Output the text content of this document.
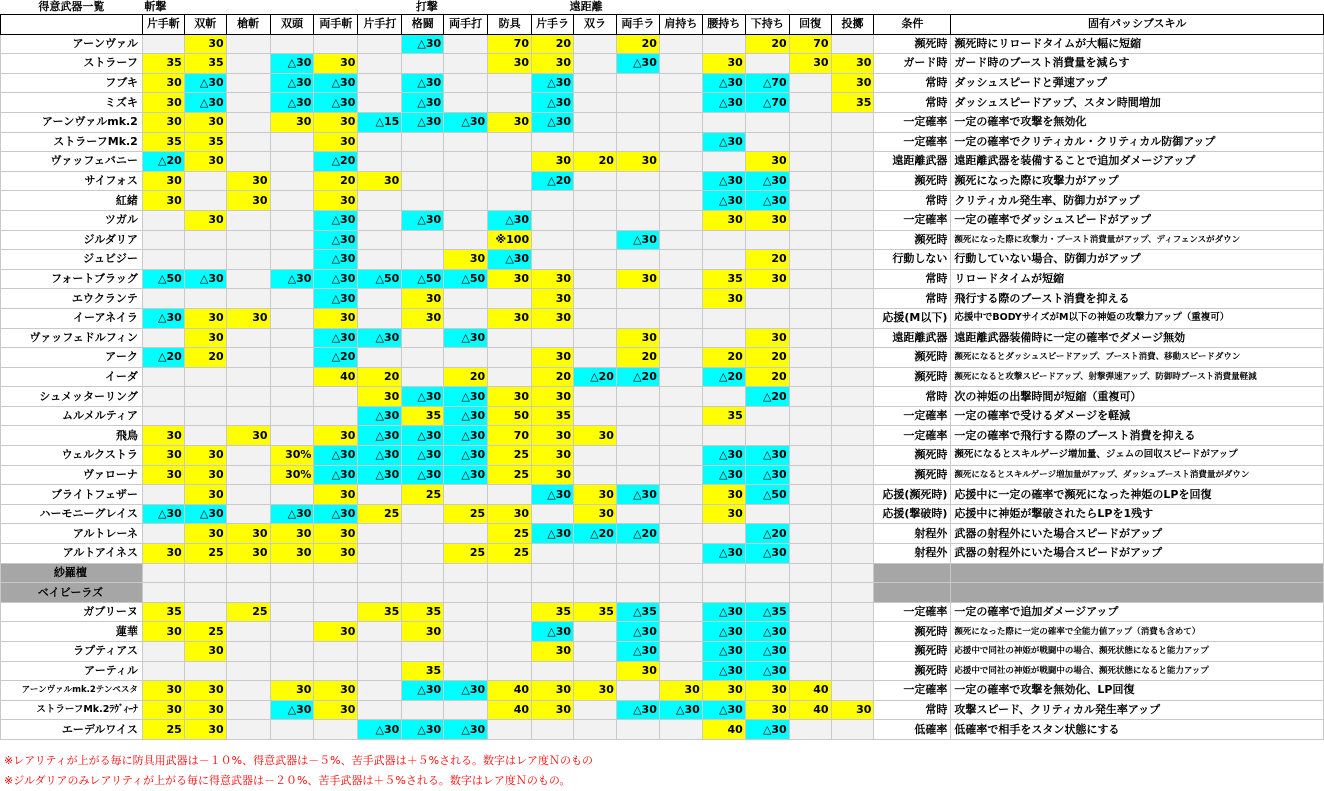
得意武器一覧	斬撃						打撃			遠距離									
	片手斬	双斬	槍斬	双頭	両手斬	片手打	格闘	両手打	防具	片手ラ	双ラ	両手ラ	肩持ち	腰持ち	下持ち	回復	投擲	条件	固有パッシブスキル
アーンヴァル		30					△30		70	20		20			20	70		瀕死時	瀕死時にリロードタイムが大幅に短縮
ストラーフ	35	35		△30	30				30	30		△30		30		30	30	ガード時	ガード時のブースト消費量を減らす
フブキ	30	△30		△30	△30		△30			△30				△30	△70		30	常時	ダッシュスピードと弾速アップ
ミズキ	30	△30		△30	△30		△30			△30				△30	△70		35	常時	ダッシュスピードアップ、スタン時間増加
アーンヴァルmk.2	30	30		30	30	△15	△30	△30	30	△30								一定確率	一定の確率で攻撃を無効化
ストラーフMk.2	35	35			30									△30				一定確率	一定の確率でクリティカル・クリティカル防御アップ
ヴァッフェバニー	△20	30			△20					30	20	30			30			遠距離武器	遠距離武器を装備することで追加ダメージアップ
サイフォス	30		30		20	30				△20				△30	△30			瀕死時	瀕死になった際に攻撃力がアップ
紅緒	30		30		30									△30	△30			常時	クリティカル発生率、防御力がアップ
ツガル		30			△30		△30		△30					30	30			一定確率	一定の確率でダッシュスピードがアップ
ジルダリア					△30				※100			△30						瀕死時	瀕死になった際に攻撃力・ブースト消費量がアップ、ディフェンスがダウン
ジュビジー					△30			30	△30						20			行動しない	行動していない場合、防御力がアップ
フォートブラッグ	△50	△30		△30	△30	△50	△50	△50	30	30		30		35	30			常時	リロードタイムが短縮
エウクランテ					△30		30			30				30				常時	飛行する際のブースト消費を抑える
イーアネイラ	△30	30	30		30		30		30	30								応援(M以下)	応援中でBODYサイズがM以下の神姫の攻撃力アップ（重複可）
ヴァッフェドルフィン		30			△30	△30		△30				30			30			遠距離武器	遠距離武器装備時に一定の確率でダメージ無効
アーク	△20	20			△20					30		20		20	20			瀕死時	瀕死になるとダッシュスピードアップ、ブースト消費、移動スピードダウン
イーダ					40	20		20		20	△20	△20		△20	20			瀕死時	瀕死になると攻撃スピードアップ、射撃弾速アップ、防御時ブースト消費量軽減
シュメッターリング						30	△30	△30	30	30					△20			常時	次の神姫の出撃時間が短縮（重複可）
ムルメルティア						△30	35	△30	50	35				35				一定確率	一定の確率で受けるダメージを軽減
飛鳥	30		30		30	△30	△30	△30	70	30	30							一定確率	一定の確率で飛行する際のブースト消費を抑える
ウェルクストラ	30	30		30%	△30	△30	△30	△30	25	30				△30	△30			瀕死時	瀕死になるとスキルゲージ増加量、ジェムの回収スピードがアップ
ヴァローナ	30	30		30%	△30	△30	△30	△30	25	30				△30	△30			瀕死時	瀕死になるとスキルゲージ増加量がアップ、ダッシュブースト消費量がダウン
ブライトフェザー		30			30		25			△30	30	△30		30	△50			応援(瀕死時)	応援中に一定の確率で瀕死になった神姫のLPを回復
ハーモニーグレイス	△30	△30		△30	△30	25		25	30		30			30				応援(撃破時)	応援中に神姫が撃破されたらLPを1残す
アルトレーネ		30	30	30	30				25	△30	△20	△20			△20			射程外	武器の射程外にいた場合スピードがアップ
アルトアイネス	30	25	30	30	30			25	25					△30	△30			射程外	武器の射程外にいた場合スピードがアップ
紗羅檀																			
ベイビーラズ																			
ガブリーヌ	35		25			35	35			35	35	△35		△30	△35			一定確率	一定の確率で追加ダメージアップ
蓮華	30	25			30		30			△30		△30		△30	△30			瀕死時	瀕死になった際に一定の確率で全能力値アップ（消費も含めて）
ラプティアス		30								30		△30		△30	△30			瀕死時	応援中で同社の神姫が戦闘中の場合、瀕死状態になると能力アップ
アーティル							35					30		△30	△30			瀕死時	応援中で同社の神姫が戦闘中の場合、瀕死状態になると能力アップ
アーンヴァルmk.2テンペスタ	30	30		30	30		△30	△30	40	30	30		30	30	30	40		一定確率	一定の確率で攻撃を無効化、LP回復
ストラーフMk.2ﾗｳﾞｨｰﾅ	30	30		△30	30				40	30		△30	△30	△30	30	40	30	常時	攻撃スピード、クリティカル発生率アップ
エーデルワイス	25	30				△30	△30	△30						40	△30			低確率	低確率で相手をスタン状態にする
※レアリティが上がる毎に防具用武器は－１０%、得意武器は－５%、苦手武器は＋５%される。数字はレア度Ｎのもの
※ジルダリアのみレアリティが上がる毎に得意武器は－２０%、苦手武器は＋５%される。数字はレア度Ｎのもの。
